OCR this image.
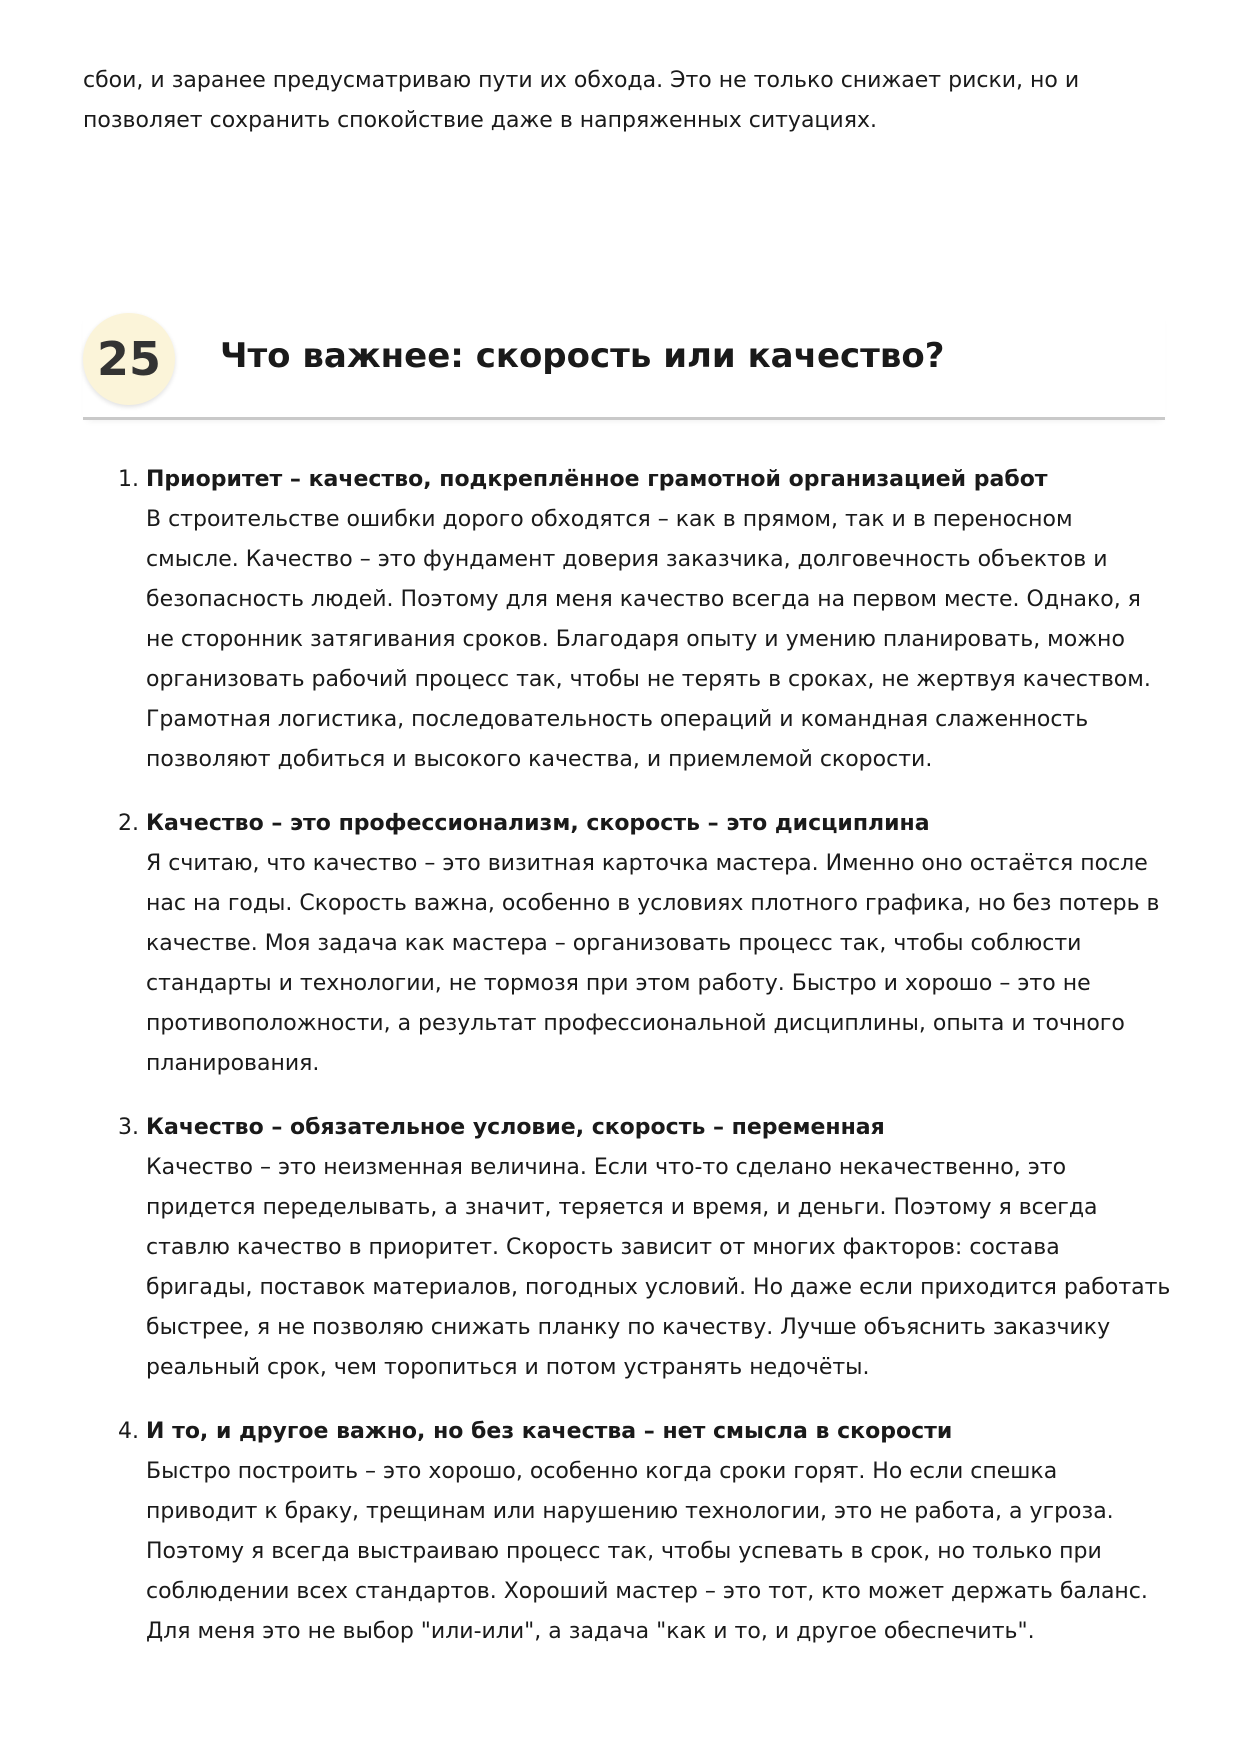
сбои, и заранее предусматриваю пути их обхода. Это не только снижает риски, но и позволяет сохранить спокойствие даже в напряженных ситуациях.

25	Что важнее: скорость или качество?
1. Приоритет – качество, подкреплённое грамотной организацией работ
В строительстве ошибки дорого обходятся – как в прямом, так и в переносном смысле. Качество – это фундамент доверия заказчика, долговечность объектов и безопасность людей. Поэтому для меня качество всегда на первом месте. Однако, я не сторонник затягивания сроков. Благодаря опыту и умению планировать, можно организовать рабочий процесс так, чтобы не терять в сроках, не жертвуя качеством. Грамотная логистика, последовательность операций и командная слаженность позволяют добиться и высокого качества, и приемлемой скорости.
2. Качество – это профессионализм, скорость – это дисциплина
Я считаю, что качество – это визитная карточка мастера. Именно оно остаётся после нас на годы. Скорость важна, особенно в условиях плотного графика, но без потерь в качестве. Моя задача как мастера – организовать процесс так, чтобы соблюсти стандарты и технологии, не тормозя при этом работу. Быстро и хорошо – это не противоположности, а результат профессиональной дисциплины, опыта и точного планирования.
3. Качество – обязательное условие, скорость – переменная
Качество – это неизменная величина. Если что-то сделано некачественно, это придется переделывать, а значит, теряется и время, и деньги. Поэтому я всегда ставлю качество в приоритет. Скорость зависит от многих факторов: состава бригады, поставок материалов, погодных условий. Но даже если приходится работать быстрее, я не позволяю снижать планку по качеству. Лучше объяснить заказчику реальный срок, чем торопиться и потом устранять недочёты.
4. И то, и другое важно, но без качества – нет смысла в скорости
Быстро построить – это хорошо, особенно когда сроки горят. Но если спешка приводит к браку, трещинам или нарушению технологии, это не работа, а угроза. Поэтому я всегда выстраиваю процесс так, чтобы успевать в срок, но только при соблюдении всех стандартов. Хороший мастер – это тот, кто может держать баланс. Для меня это не выбор "или-или", а задача "как и то, и другое обеспечить".
